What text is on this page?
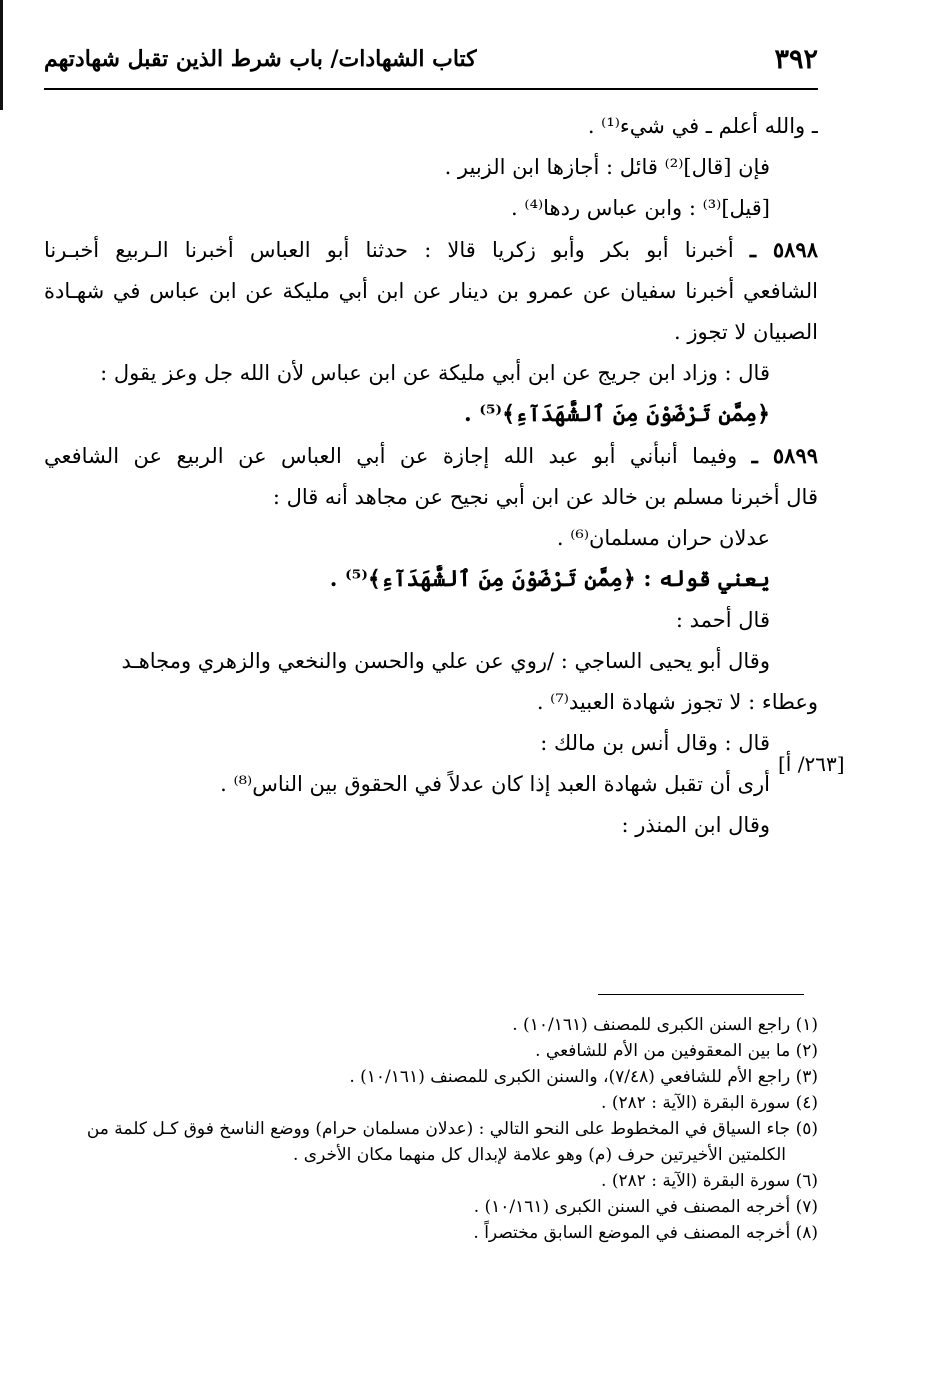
٣٩٢
كتاب الشهادات/ باب شرط الذين تقبل شهادتهم

ـ والله أعلم ـ في شيء⁽¹⁾ .

فإن [قال]⁽²⁾ قائل : أجازها ابن الزبير .

[قيل]⁽³⁾ : وابن عباس ردها⁽⁴⁾ .

٥٨٩٨ ـ أخبرنا أبو بكر وأبو زكريا قالا : حدثنا أبو العباس أخبرنا الـربيع أخبـرنا

الشافعي أخبرنا سفيان عن عمرو بن دينار عن ابن أبي مليكة عن ابن عباس في شهـادة

الصبيان لا تجوز .

قال : وزاد ابن جريج عن ابن أبي مليكة عن ابن عباس لأن الله جل وعز يقول :

﴿مِمَّن تَرْضَوْنَ مِنَ ٱلشُّهَدَآءِ﴾⁽⁵⁾ .

٥٨٩٩ ـ وفيما أنبأني أبو عبد الله إجازة عن أبي العباس عن الربيع عن الشافعي

قال أخبرنا مسلم بن خالد عن ابن أبي نجيح عن مجاهد أنه قال :

عدلان حران مسلمان⁽⁶⁾ .

يعني قوله : ﴿مِمَّن تَرْضَوْنَ مِنَ ٱلشُّهَدَآءِ﴾⁽⁵⁾ .

قال أحمد :

وقال أبو يحيى الساجي : /روي عن علي والحسن والنخعي والزهري ومجاهـد

وعطاء : لا تجوز شهادة العبيد⁽⁷⁾ .

قال : وقال أنس بن مالك :

أرى أن تقبل شهادة العبد إذا كان عدلاً في الحقوق بين الناس⁽⁸⁾ .

وقال ابن المنذر :

[٢٦٣/ أ]

(١) راجع السنن الكبرى للمصنف (١٠/١٦١) .

(٢) ما بين المعقوفين من الأم للشافعي .

(٣) راجع الأم للشافعي (٧/٤٨)، والسنن الكبرى للمصنف (١٠/١٦١) .

(٤) سورة البقرة (الآية : ٢٨٢) .

(٥) جاء السياق في المخطوط على النحو التالي : (عدلان مسلمان حرام) ووضع الناسخ فوق كـل كلمة من

الكلمتين الأخيرتين حرف (م) وهو علامة لإبدال كل منهما مكان الأخرى .

(٦) سورة البقرة (الآية : ٢٨٢) .

(٧) أخرجه المصنف في السنن الكبرى (١٠/١٦١) .

(٨) أخرجه المصنف في الموضع السابق مختصراً .
